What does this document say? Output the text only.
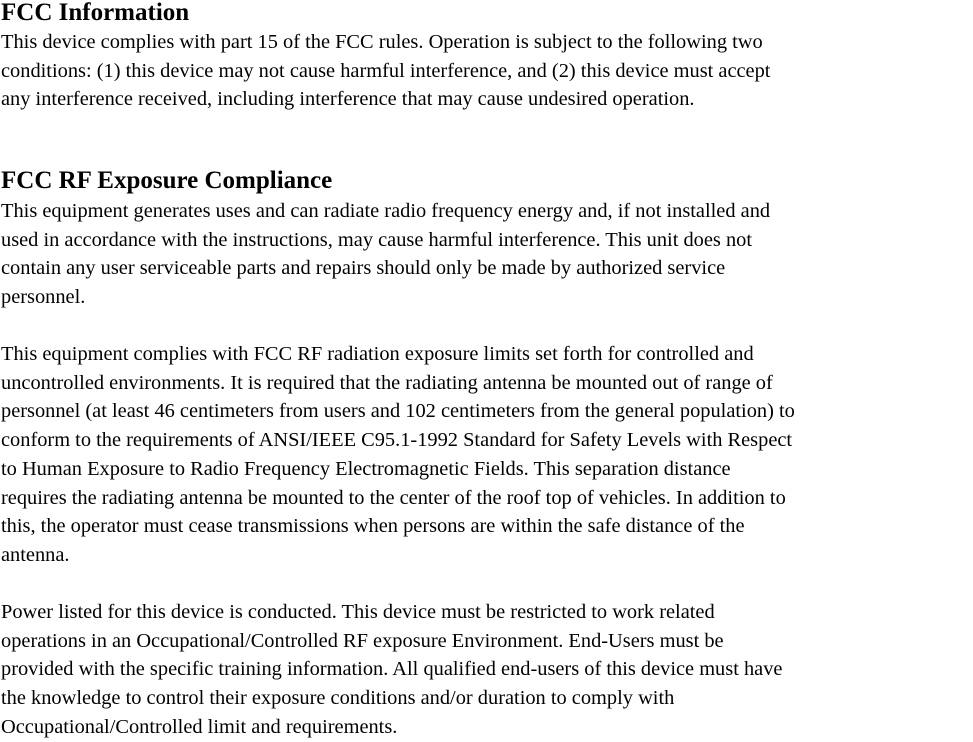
FCC Information

This device complies with part 15 of the FCC rules. Operation is subject to the following two
conditions: (1) this device may not cause harmful interference, and (2) this device must accept
any interference received, including interference that may cause undesired operation.

FCC RF Exposure Compliance

This equipment generates uses and can radiate radio frequency energy and, if not installed and
used in accordance with the instructions, may cause harmful interference. This unit does not
contain any user serviceable parts and repairs should only be made by authorized service
personnel.

This equipment complies with FCC RF radiation exposure limits set forth for controlled and
uncontrolled environments. It is required that the radiating antenna be mounted out of range of
personnel (at least 46 centimeters from users and 102 centimeters from the general population) to
conform to the requirements of ANSI/IEEE C95.1-1992 Standard for Safety Levels with Respect
to Human Exposure to Radio Frequency Electromagnetic Fields. This separation distance
requires the radiating antenna be mounted to the center of the roof top of vehicles. In addition to
this, the operator must cease transmissions when persons are within the safe distance of the
antenna.

Power listed for this device is conducted. This device must be restricted to work related
operations in an Occupational/Controlled RF exposure Environment. End-Users must be
provided with the specific training information. All qualified end-users of this device must have
the knowledge to control their exposure conditions and/or duration to comply with
Occupational/Controlled limit and requirements.
